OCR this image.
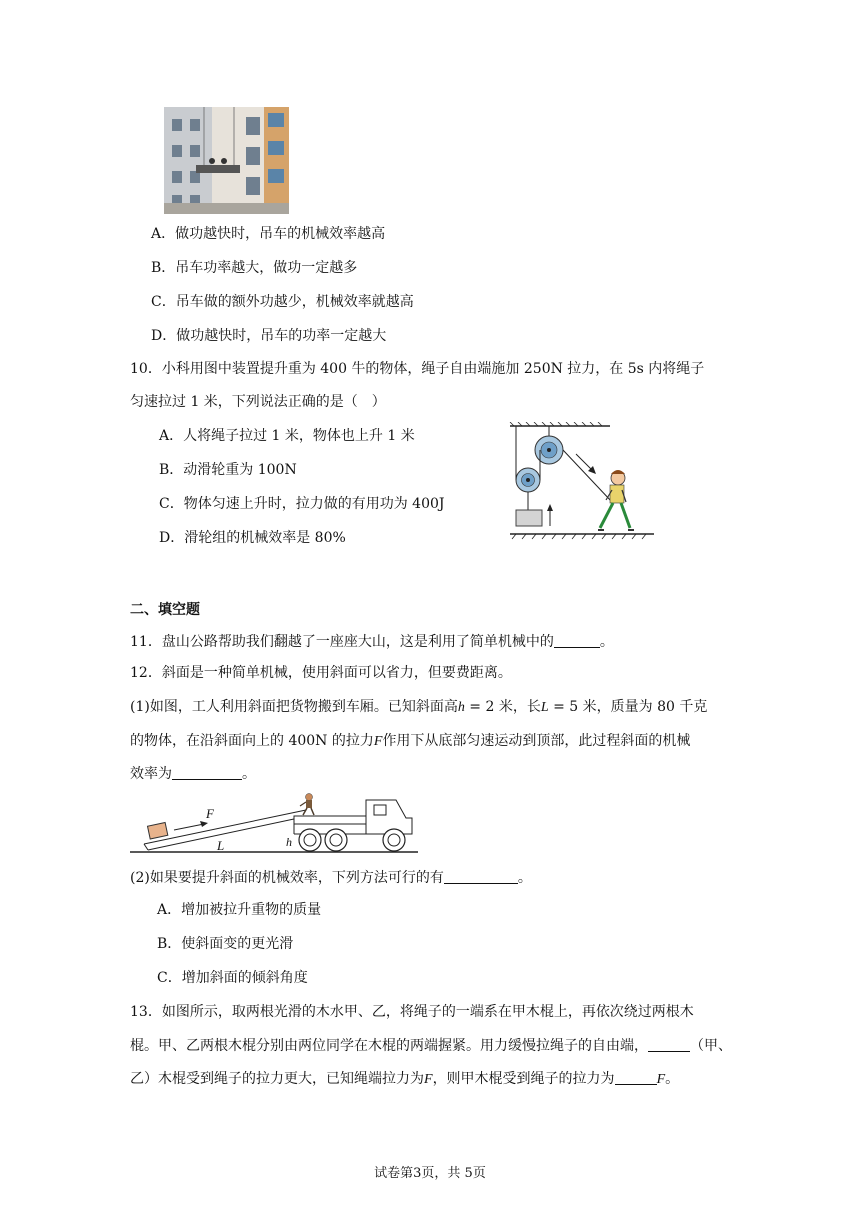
A．做功越快时，吊车的机械效率越高
B．吊车功率越大，做功一定越多
C．吊车做的额外功越少，机械效率就越高
D．做功越快时，吊车的功率一定越大
10．小科用图中装置提升重为 400 牛的物体，绳子自由端施加 250N 拉力，在 5s 内将绳子
匀速拉过 1 米，下列说法正确的是（　）
A．人将绳子拉过 1 米，物体也上升 1 米
B．动滑轮重为 100N
C．物体匀速上升时，拉力做的有用功为 400J
D．滑轮组的机械效率是 80%
二、填空题
11．盘山公路帮助我们翻越了一座座大山，这是利用了简单机械中的	。
12．斜面是一种简单机械，使用斜面可以省力，但要费距离。
(1)如图，工人利用斜面把货物搬到车厢。已知斜面高h = 2 米，长L = 5 米，质量为 80 千克
的物体，在沿斜面向上的 400N 的拉力F作用下从底部匀速运动到顶部，此过程斜面的机械
效率为	。
F
L	h
(2)如果要提升斜面的机械效率，下列方法可行的有	。
A．增加被拉升重物的质量
B．使斜面变的更光滑
C．增加斜面的倾斜角度
13．如图所示，取两根光滑的木水甲、乙，将绳子的一端系在甲木棍上，再依次绕过两根木
棍。甲、乙两根木棍分别由两位同学在木棍的两端握紧。用力缓慢拉绳子的自由端，	（甲、
乙）木棍受到绳子的拉力更大，已知绳端拉力为F，则甲木棍受到绳子的拉力为	F。
试卷第3页，共 5页
